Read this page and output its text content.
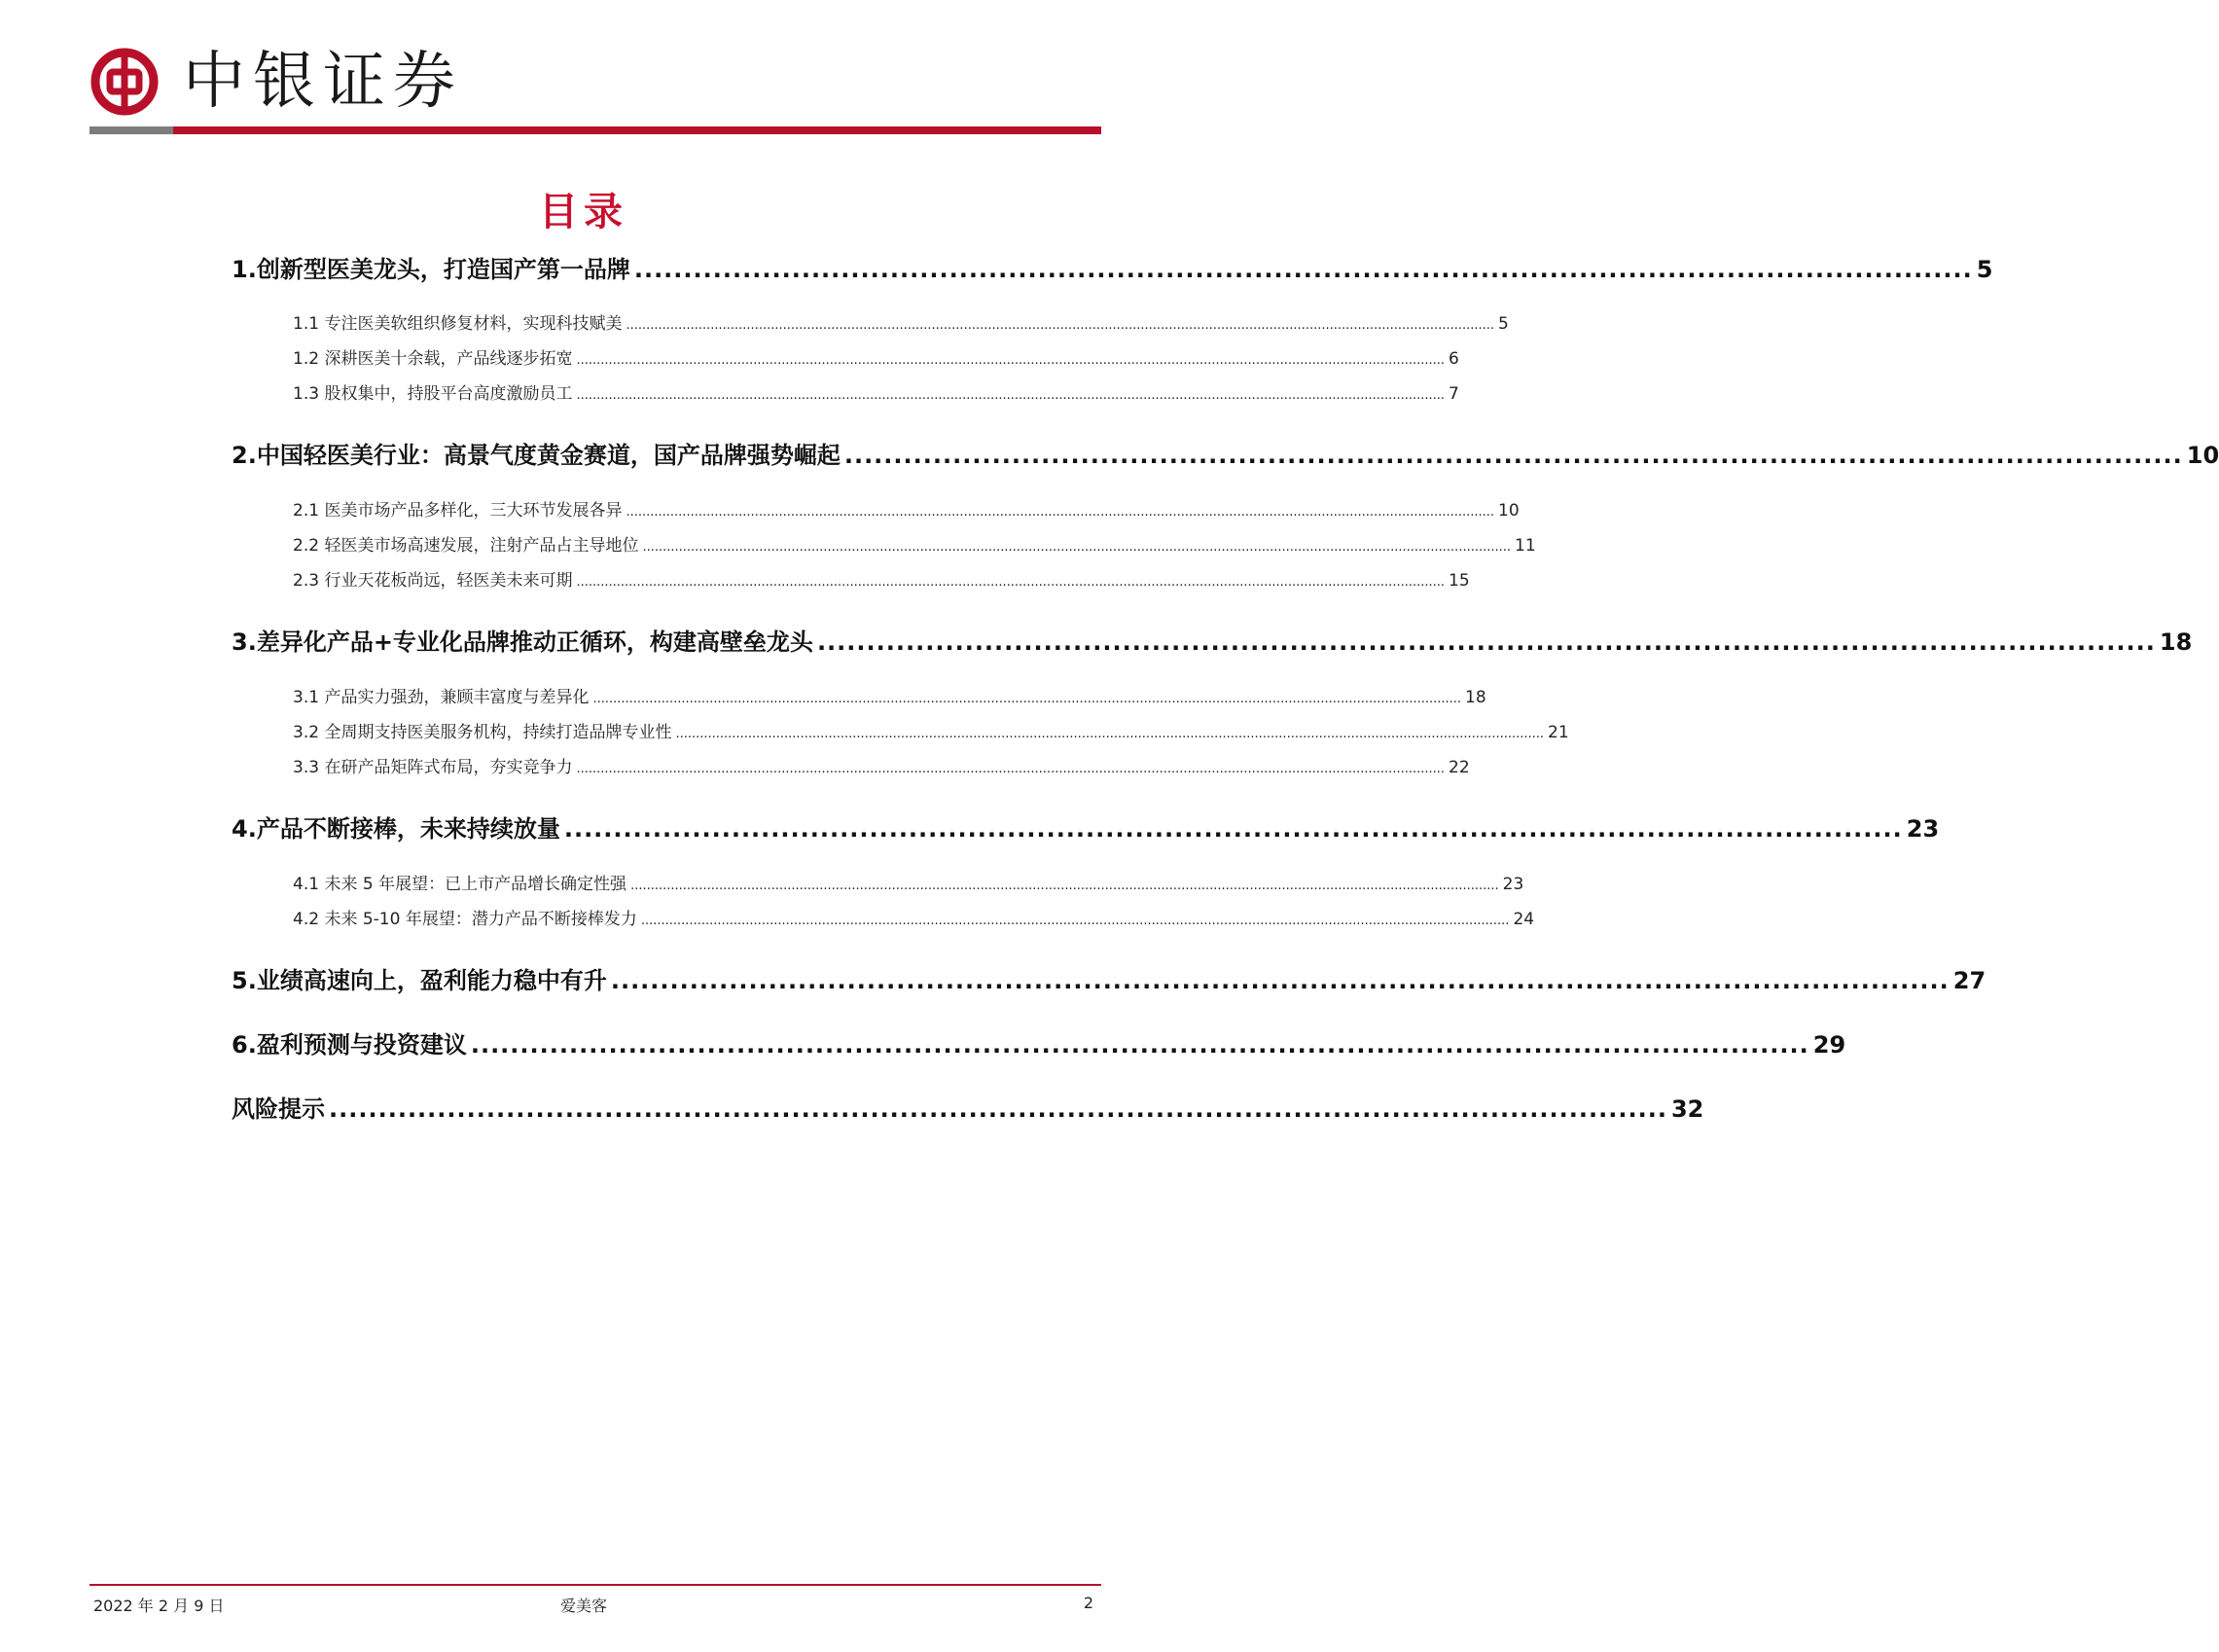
中银证券
目录
1.创新型医美龙头，打造国产第一品牌 ........................................................................................................................................ 5
1.1 专注医美软组织修复材料，实现科技赋美 ........................................................................................................................................................................................................................ 5
1.2 深耕医美十余载，产品线逐步拓宽 ........................................................................................................................................................................................................................ 6
1.3 股权集中，持股平台高度激励员工 ........................................................................................................................................................................................................................ 7
2.中国轻医美行业：高景气度黄金赛道，国产品牌强势崛起 ........................................................................................................................................ 10
2.1 医美市场产品多样化，三大环节发展各异 ........................................................................................................................................................................................................................ 10
2.2 轻医美市场高速发展，注射产品占主导地位 ........................................................................................................................................................................................................................ 11
2.3 行业天花板尚远，轻医美未来可期 ........................................................................................................................................................................................................................ 15
3.差异化产品+专业化品牌推动正循环，构建高壁垒龙头 ........................................................................................................................................ 18
3.1 产品实力强劲，兼顾丰富度与差异化 ........................................................................................................................................................................................................................ 18
3.2 全周期支持医美服务机构，持续打造品牌专业性 ........................................................................................................................................................................................................................ 21
3.3 在研产品矩阵式布局，夯实竞争力 ........................................................................................................................................................................................................................ 22
4.产品不断接棒，未来持续放量 ........................................................................................................................................ 23
4.1 未来 5 年展望：已上市产品增长确定性强 ........................................................................................................................................................................................................................ 23
4.2 未来 5-10 年展望：潜力产品不断接棒发力 ........................................................................................................................................................................................................................ 24
5.业绩高速向上，盈利能力稳中有升 ........................................................................................................................................ 27
6.盈利预测与投资建议 ........................................................................................................................................ 29
风险提示 ........................................................................................................................................ 32
2022 年 2 月 9 日	爱美客	2
